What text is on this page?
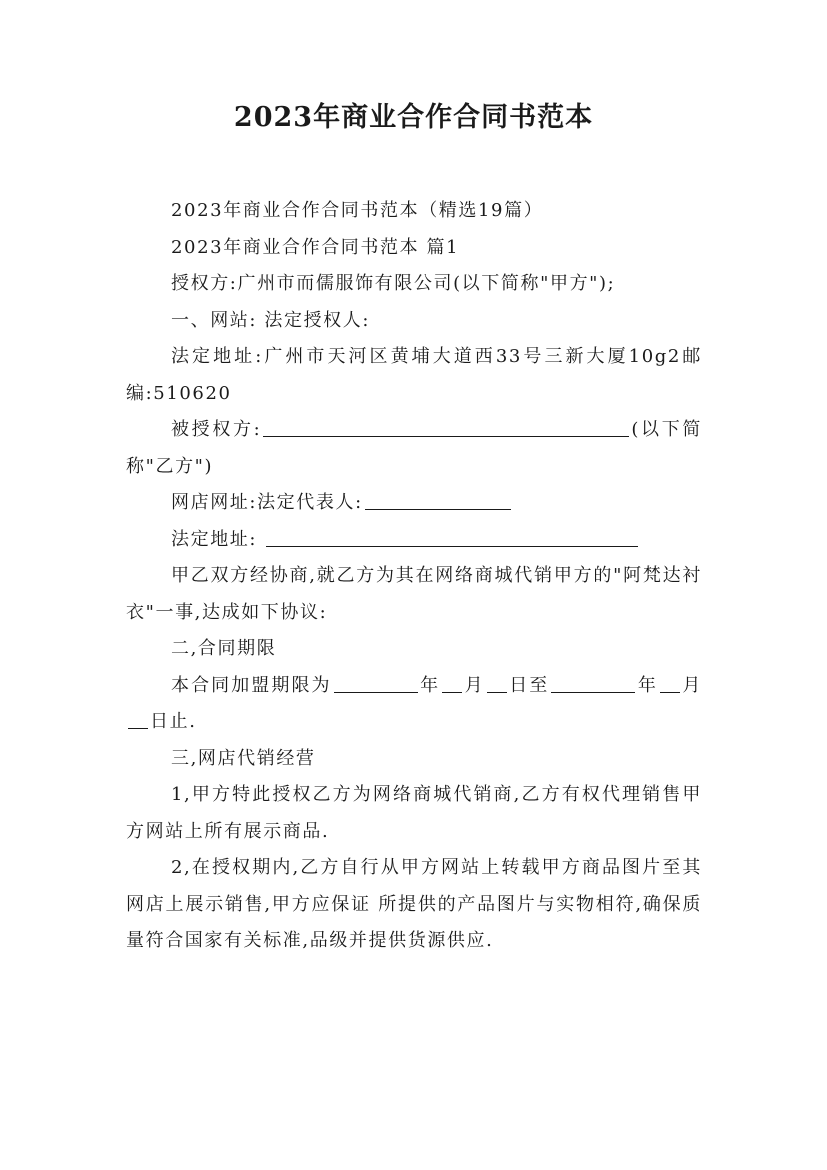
2023年商业合作合同书范本

2023年商业合作合同书范本（精选19篇）

2023年商业合作合同书范本 篇1

授权方:广州市而儒服饰有限公司(以下简称"甲方");

一、网站: 法定授权人:

法定地址:广州市天河区黄埔大道西33号三新大厦10g2邮编:510620

被授权方:	(以下简称"乙方")

网店网址:法定代表人:

法定地址:

甲乙双方经协商,就乙方为其在网络商城代销甲方的"阿梵达衬衣"一事,达成如下协议:

二,合同期限

本合同加盟期限为	年 月 日至	年 月日止.

三,网店代销经营

1,甲方特此授权乙方为网络商城代销商,乙方有权代理销售甲方网站上所有展示商品.

2,在授权期内,乙方自行从甲方网站上转载甲方商品图片至其网店上展示销售,甲方应保证 所提供的产品图片与实物相符,确保质量符合国家有关标准,品级并提供货源供应.
